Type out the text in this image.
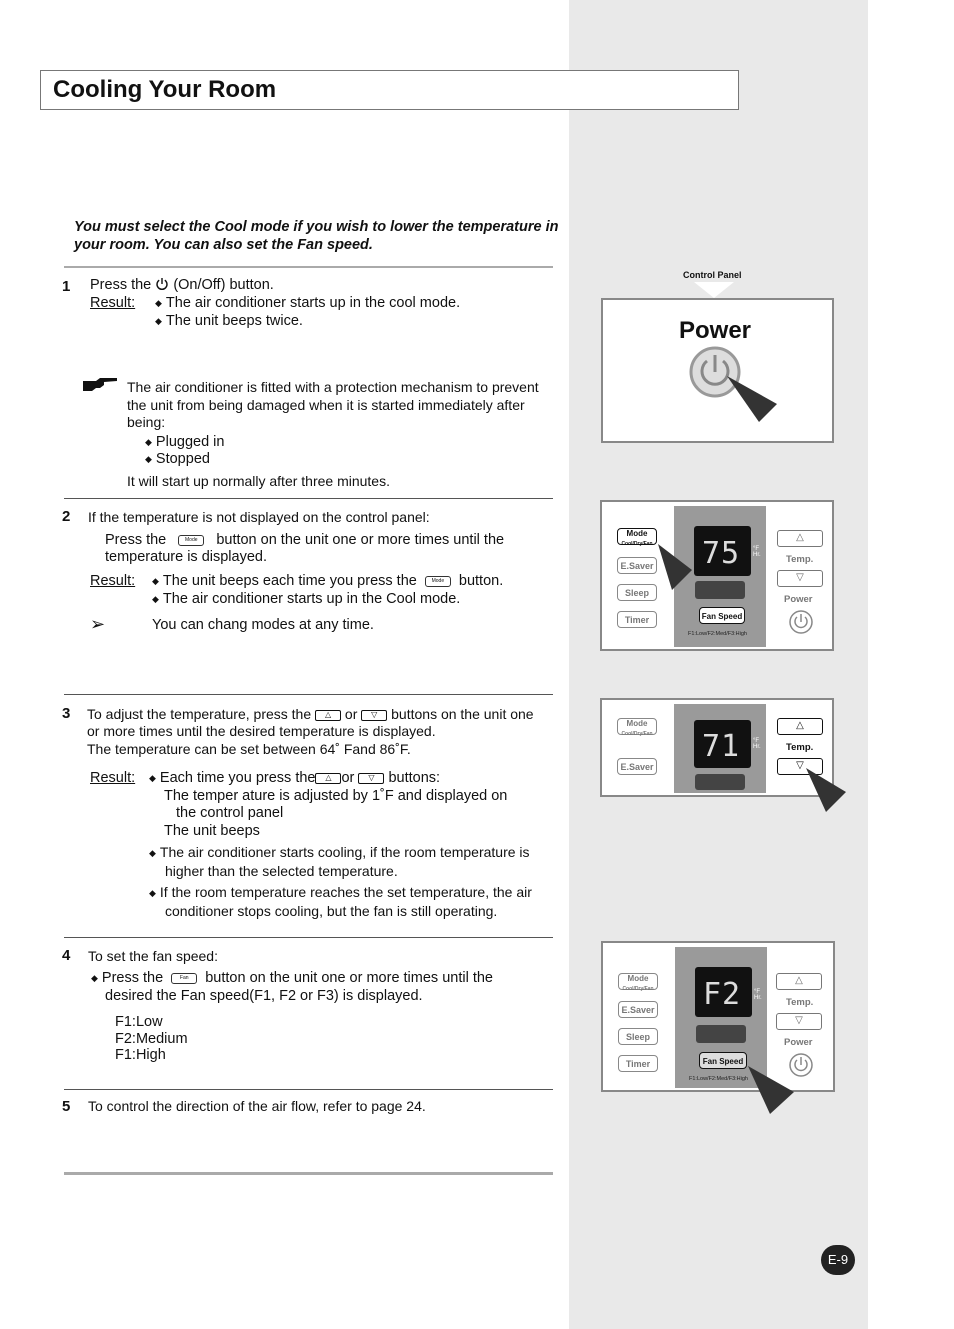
Cooling Your Room
You must select the Cool mode if you wish to lower the temperature in your room. You can also set the Fan speed.
1 Press the (On/Off) button.
Result: ◆ The air conditioner starts up in the cool mode.
◆ The unit beeps twice.
The air conditioner is fitted with a protection mechanism to prevent
the unit from being damaged when it is started immediately after
being:
◆ Plugged in
◆ Stopped
It will start up normally after three minutes.
2 If the temperature is not displayed on the control panel:
Press the	Mode button on the unit one or more times until the
temperature is displayed.
Result: ◆ The unit beeps each time you press the	Mode button.
◆ The air conditioner starts up in the Cool mode.
➢	You can chang modes at any time.
3 To adjust the temperature, press the △ or ▽ buttons on the unit one
or more times until the desired temperature is displayed.
The temperature can be set between 64˚ Fand 86˚F.
Result: ◆ Each time you press the △ or ▽ buttons:
The temper ature is adjusted by 1˚F and displayed on
the control panel
The unit beeps
◆ The air conditioner starts cooling, if the room temperature is
higher than the selected temperature.
◆ If the room temperature reaches the set temperature, the air
conditioner stops cooling, but the fan is still operating.
4 To set the fan speed:
◆ Press the	Fan button on the unit one or more times until the
desired the Fan speed(F1, F2 or F3) is displayed.
F1:Low
F2:Medium
F1:High
5 To control the direction of the air flow, refer to page 24.
Control Panel
Power
Mode
Cool/Dry/Fan
E.Saver
Sleep
Timer
75 °F
Hr.
Fan Speed
F1:Low/F2:Med/F3:High
△
Temp.
▽
Power
Mode
Cool/Dry/Fan
E.Saver
71 °F
Hr.
△
Temp.
▽
Mode
Cool/Dry/Fan
E.Saver
Sleep
Timer
F2 °F
Hr.
Fan Speed
F1:Low/F2:Med/F3:High
△
Temp.
▽
Power
E-9
